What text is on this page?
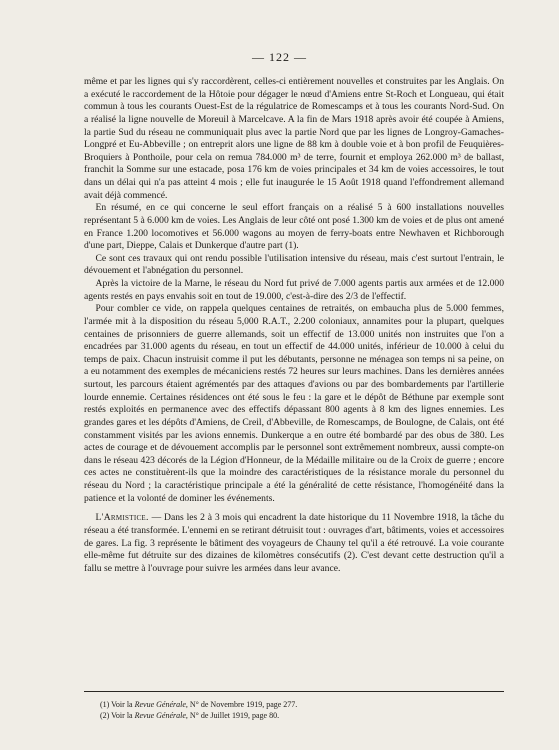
— 122 —

même et par les lignes qui s'y raccordèrent, celles-ci entièrement nouvelles et construites par les Anglais. On a exécuté le raccordement de la Hôtoie pour dégager le nœud d'Amiens entre St-Roch et Longueau, qui était commun à tous les courants Ouest-Est de la régulatrice de Romescamps et à tous les courants Nord-Sud. On a réalisé la ligne nouvelle de Moreuil à Marcelcave. A la fin de Mars 1918 après avoir été coupée à Amiens, la partie Sud du réseau ne communiquait plus avec la partie Nord que par les lignes de Longroy-Gamaches-Longpré et Eu-Abbeville ; on entreprit alors une ligne de 88 km à double voie et à bon profil de Feuquières-Broquiers à Ponthoile, pour cela on remua 784.000 m³ de terre, fournit et employa 262.000 m³ de ballast, franchit la Somme sur une estacade, posa 176 km de voies principales et 34 km de voies accessoires, le tout dans un délai qui n'a pas atteint 4 mois ; elle fut inaugurée le 15 Août 1918 quand l'effondrement allemand avait déjà commencé.

En résumé, en ce qui concerne le seul effort français on a réalisé 5 à 600 installations nouvelles représentant 5 à 6.000 km de voies. Les Anglais de leur côté ont posé 1.300 km de voies et de plus ont amené en France 1.200 locomotives et 56.000 wagons au moyen de ferry-boats entre Newhaven et Richborough d'une part, Dieppe, Calais et Dunkerque d'autre part (1).

Ce sont ces travaux qui ont rendu possible l'utilisation intensive du réseau, mais c'est surtout l'entrain, le dévouement et l'abnégation du personnel.

Après la victoire de la Marne, le réseau du Nord fut privé de 7.000 agents partis aux armées et de 12.000 agents restés en pays envahis soit en tout de 19.000, c'est-à-dire des 2/3 de l'effectif.

Pour combler ce vide, on rappela quelques centaines de retraités, on embaucha plus de 5.000 femmes, l'armée mit à la disposition du réseau 5,000 R.A.T., 2.200 coloniaux, annamites pour la plupart, quelques centaines de prisonniers de guerre allemands, soit un effectif de 13.000 unités non instruites que l'on a encadrées par 31.000 agents du réseau, en tout un effectif de 44.000 unités, inférieur de 10.000 à celui du temps de paix. Chacun instruisit comme il put les débutants, personne ne ménagea son temps ni sa peine, on a eu notamment des exemples de mécaniciens restés 72 heures sur leurs machines. Dans les dernières années surtout, les parcours étaient agrémentés par des attaques d'avions ou par des bombardements par l'artillerie lourde ennemie. Certaines résidences ont été sous le feu : la gare et le dépôt de Béthune par exemple sont restés exploités en permanence avec des effectifs dépassant 800 agents à 8 km des lignes ennemies. Les grandes gares et les dépôts d'Amiens, de Creil, d'Abbeville, de Romescamps, de Boulogne, de Calais, ont été constamment visités par les avions ennemis. Dunkerque a en outre été bombardé par des obus de 380. Les actes de courage et de dévouement accomplis par le personnel sont extrêmement nombreux, aussi compte-on dans le réseau 423 décorés de la Légion d'Honneur, de la Médaille militaire ou de la Croix de guerre ; encore ces actes ne constituèrent-ils que la moindre des caractéristiques de la résistance morale du personnel du réseau du Nord ; la caractéristique principale a été la généralité de cette résistance, l'homogénéité dans la patience et la volonté de dominer les événements.

L'Armistice. — Dans les 2 à 3 mois qui encadrent la date historique du 11 Novembre 1918, la tâche du réseau a été transformée. L'ennemi en se retirant détruisit tout : ouvrages d'art, bâtiments, voies et accessoires de gares. La fig. 3 représente le bâtiment des voyageurs de Chauny tel qu'il a été retrouvé. La voie courante elle-même fut détruite sur des dizaines de kilomètres consécutifs (2). C'est devant cette destruction qu'il a fallu se mettre à l'ouvrage pour suivre les armées dans leur avance.

(1) Voir la Revue Générale, N° de Novembre 1919, page 277.

(2) Voir la Revue Générale, N° de Juillet 1919, page 80.
